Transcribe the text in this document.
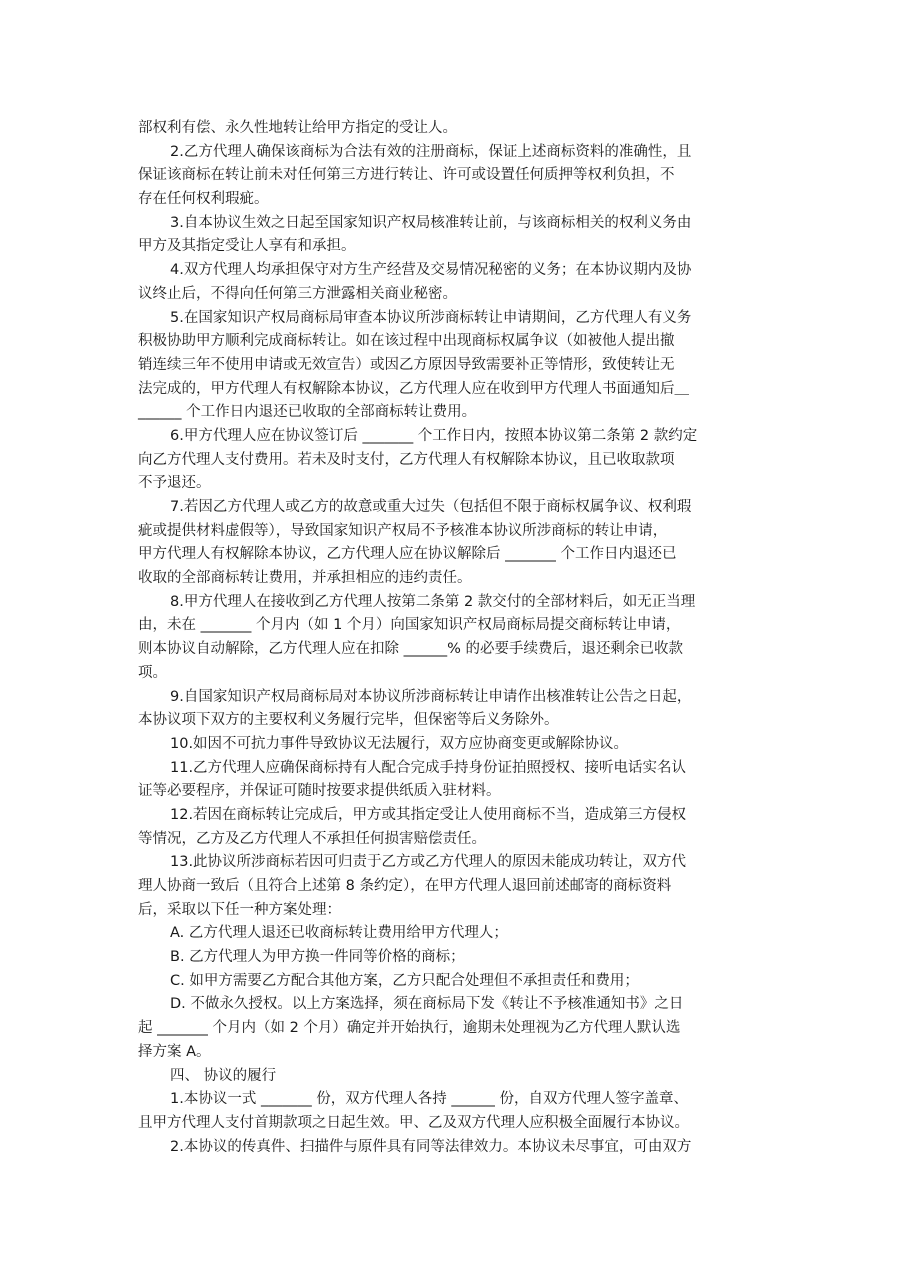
部权利有偿、永久性地转让给甲方指定的受让人。
2.乙方代理人确保该商标为合法有效的注册商标，保证上述商标资料的准确性，且
保证该商标在转让前未对任何第三方进行转让、许可或设置任何质押等权利负担，不
存在任何权利瑕疵。
3.自本协议生效之日起至国家知识产权局核准转让前，与该商标相关的权利义务由
甲方及其指定受让人享有和承担。
4.双方代理人均承担保守对方生产经营及交易情况秘密的义务；在本协议期内及协
议终止后，不得向任何第三方泄露相关商业秘密。
5.在国家知识产权局商标局审查本协议所涉商标转让申请期间，乙方代理人有义务
积极协助甲方顺利完成商标转让。如在该过程中出现商标权属争议（如被他人提出撤
销连续三年不使用申请或无效宣告）或因乙方原因导致需要补正等情形，致使转让无
法完成的，甲方代理人有权解除本协议，乙方代理人应在收到甲方代理人书面通知后＿
______ 个工作日内退还已收取的全部商标转让费用。
6.甲方代理人应在协议签订后 _______ 个工作日内，按照本协议第二条第 2 款约定
向乙方代理人支付费用。若未及时支付，乙方代理人有权解除本协议，且已收取款项
不予退还。
7.若因乙方代理人或乙方的故意或重大过失（包括但不限于商标权属争议、权利瑕
疵或提供材料虚假等），导致国家知识产权局不予核准本协议所涉商标的转让申请，
甲方代理人有权解除本协议，乙方代理人应在协议解除后 _______ 个工作日内退还已
收取的全部商标转让费用，并承担相应的违约责任。
8.甲方代理人在接收到乙方代理人按第二条第 2 款交付的全部材料后，如无正当理
由，未在 _______ 个月内（如 1 个月）向国家知识产权局商标局提交商标转让申请，
则本协议自动解除，乙方代理人应在扣除 ______% 的必要手续费后，退还剩余已收款
项。
9.自国家知识产权局商标局对本协议所涉商标转让申请作出核准转让公告之日起，
本协议项下双方的主要权利义务履行完毕，但保密等后义务除外。
10.如因不可抗力事件导致协议无法履行，双方应协商变更或解除协议。
11.乙方代理人应确保商标持有人配合完成手持身份证拍照授权、接听电话实名认
证等必要程序，并保证可随时按要求提供纸质入驻材料。
12.若因在商标转让完成后，甲方或其指定受让人使用商标不当，造成第三方侵权
等情况，乙方及乙方代理人不承担任何损害赔偿责任。
13.此协议所涉商标若因可归责于乙方或乙方代理人的原因未能成功转让，双方代
理人协商一致后（且符合上述第 8 条约定），在甲方代理人退回前述邮寄的商标资料
后，采取以下任一种方案处理：
A. 乙方代理人退还已收商标转让费用给甲方代理人；
B. 乙方代理人为甲方换一件同等价格的商标；
C. 如甲方需要乙方配合其他方案，乙方只配合处理但不承担责任和费用；
D. 不做永久授权。以上方案选择，须在商标局下发《转让不予核准通知书》之日
起 _______ 个月内（如 2 个月）确定并开始执行，逾期未处理视为乙方代理人默认选
择方案 A。
四、 协议的履行
1.本协议一式 _______ 份，双方代理人各持 ______ 份，自双方代理人签字盖章、
且甲方代理人支付首期款项之日起生效。甲、乙及双方代理人应积极全面履行本协议。
2.本协议的传真件、扫描件与原件具有同等法律效力。本协议未尽事宜，可由双方
